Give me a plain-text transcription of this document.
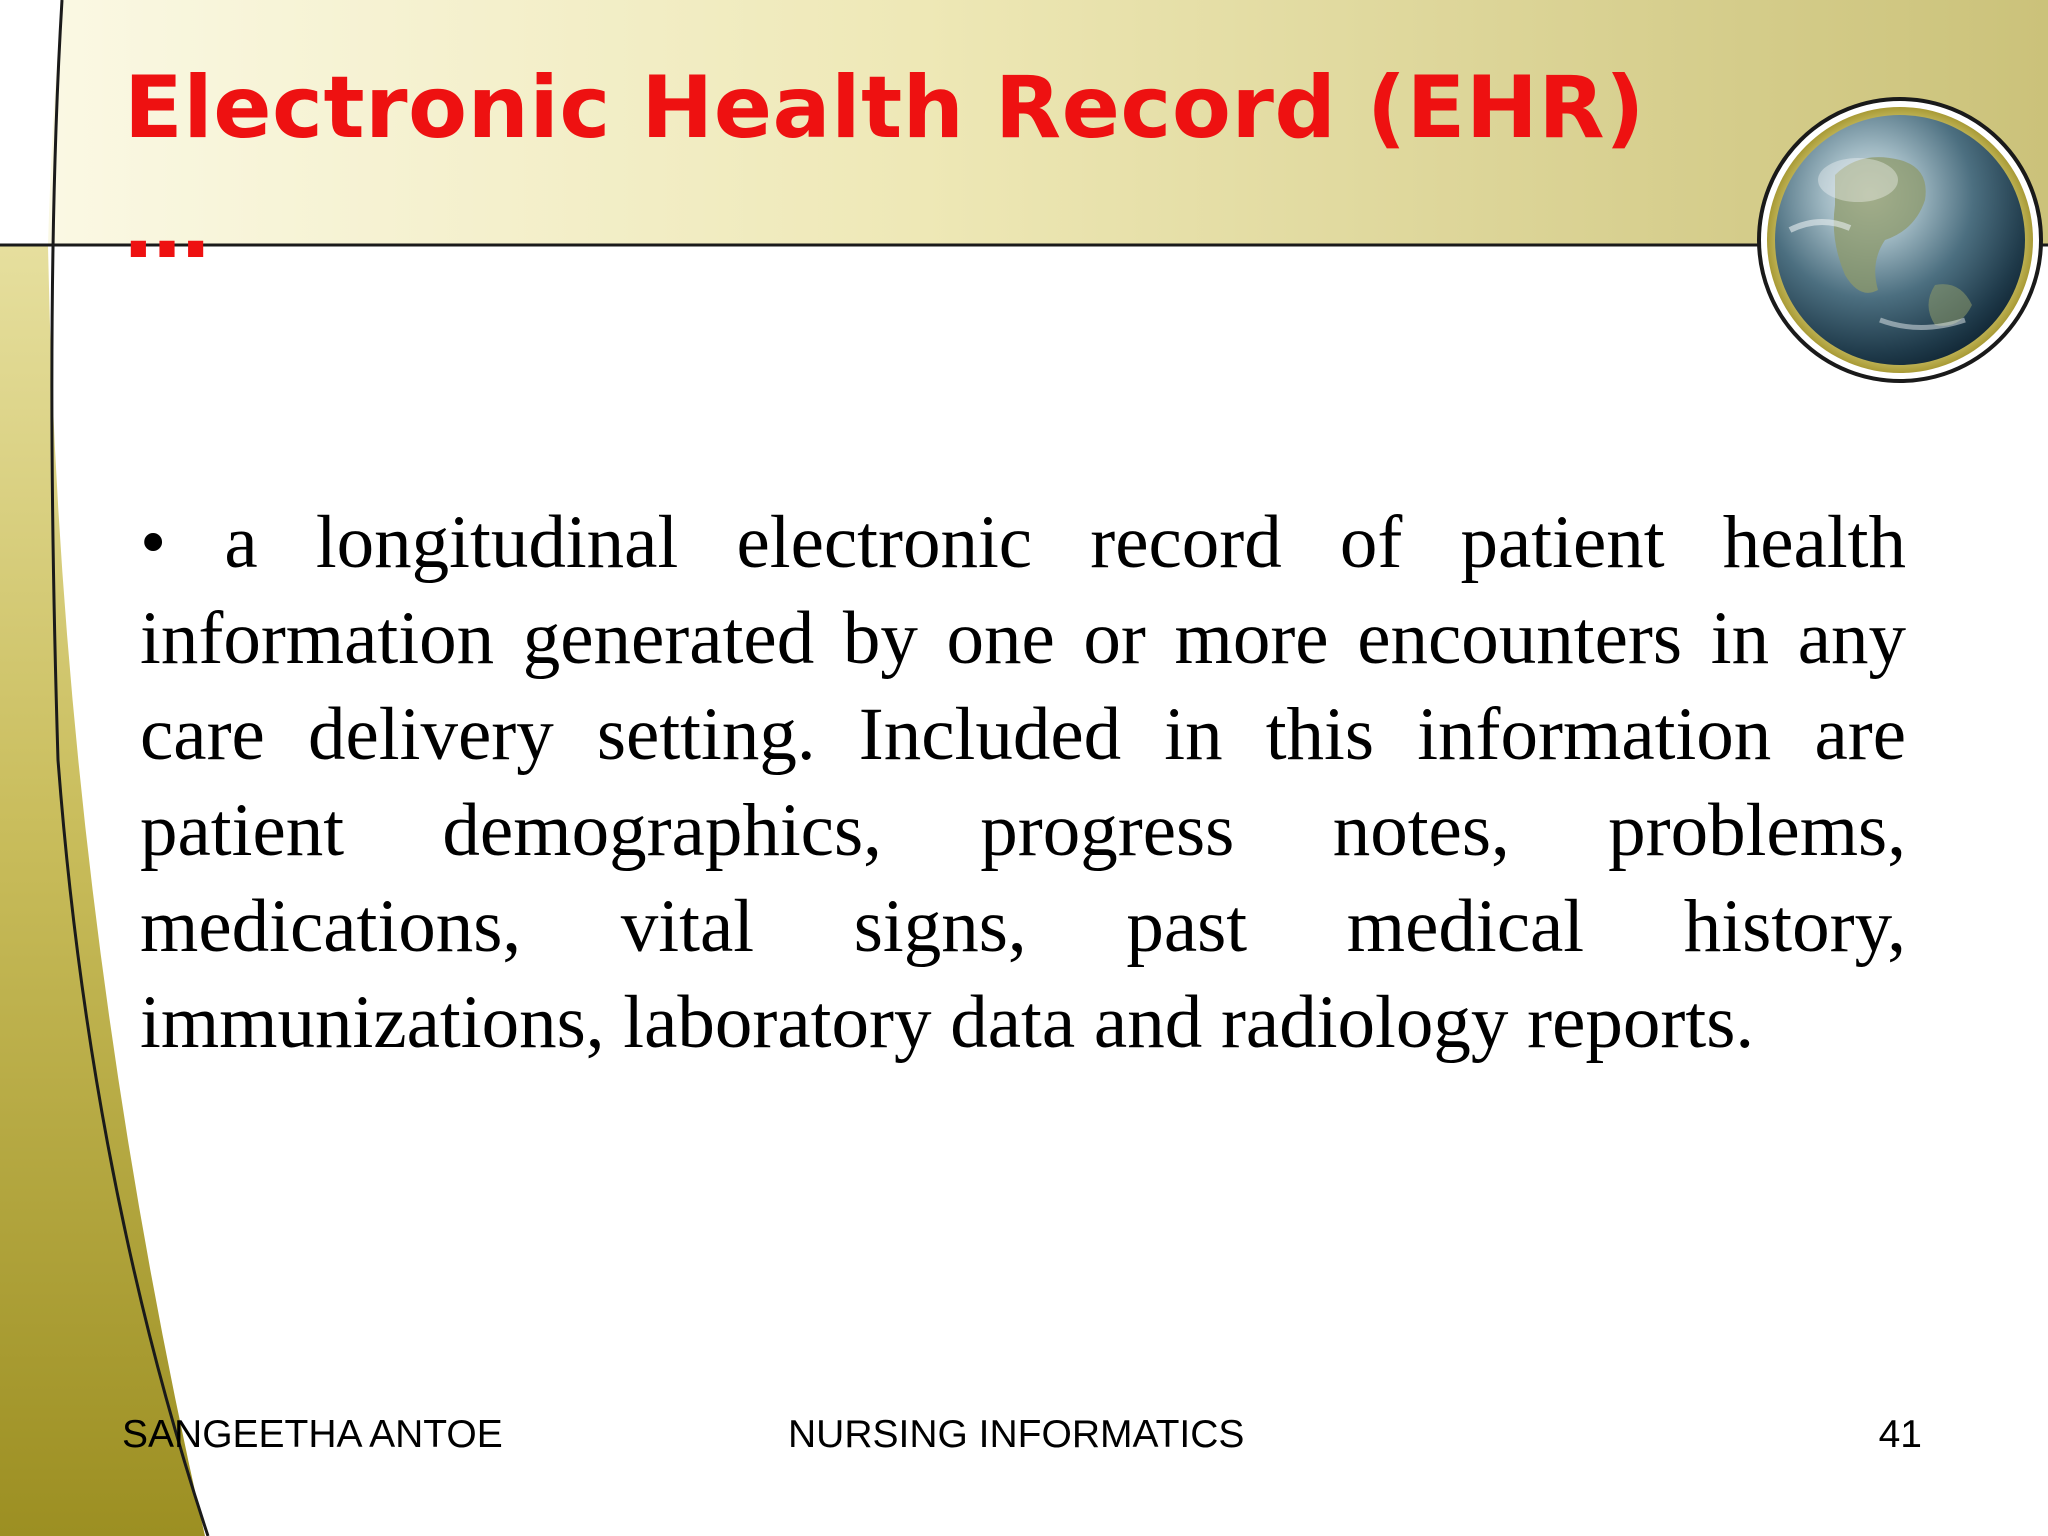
Electronic Health Record (EHR) …

• a longitudinal electronic record of patient health information generated by one or more encounters in any care delivery setting. Included in this information are patient demographics, progress notes, problems, medications, vital signs, past medical history, immunizations, laboratory data and radiology reports.

SANGEETHA ANTOE	NURSING INFORMATICS	41
